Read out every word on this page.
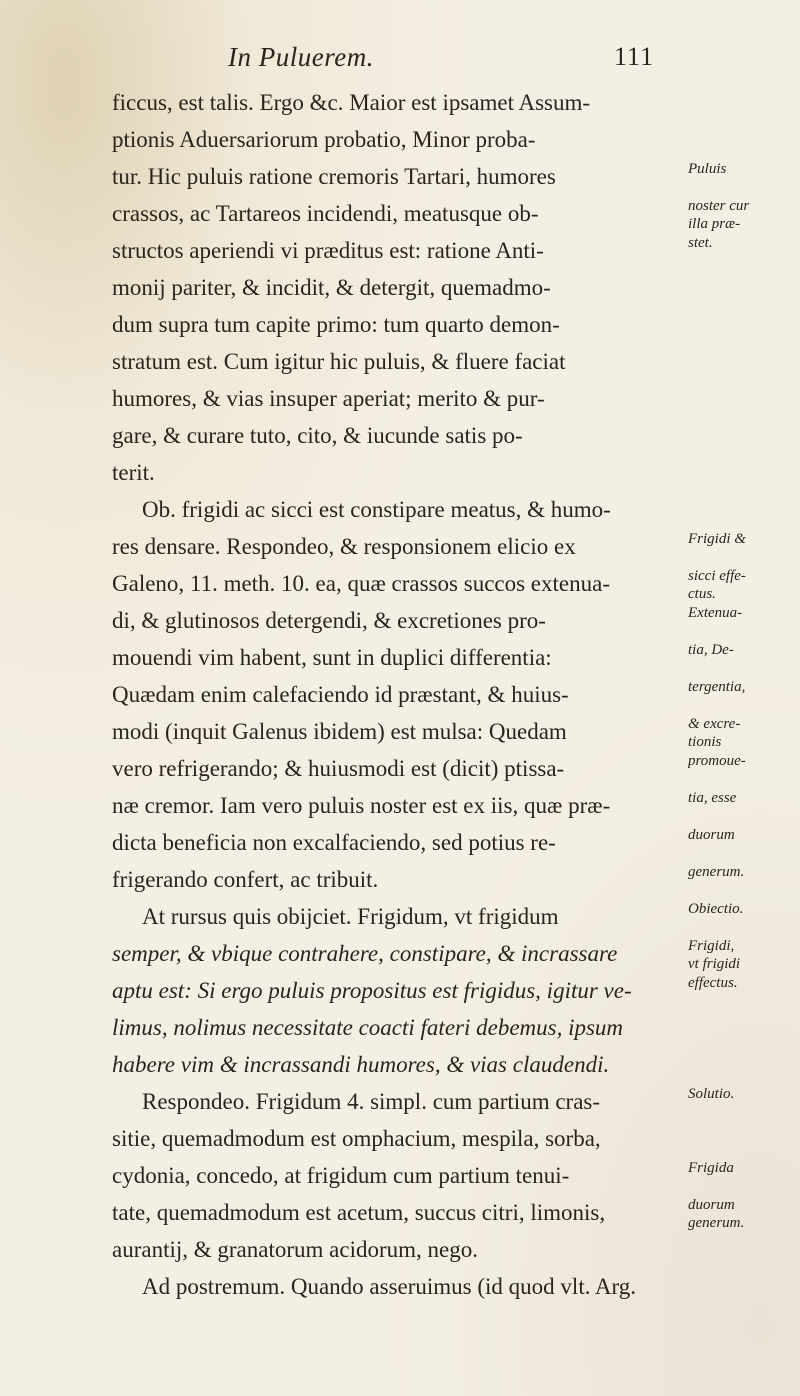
In Puluerem.	111
ficcus, est talis. Ergo &c. Maior est ipsamet Assum-
ptionis Aduersariorum probatio, Minor proba-
tur. Hic puluis ratione cremoris Tartari, humores
crassos, ac Tartareos incidendi, meatusque ob-
structos aperiendi vi præditus est: ratione Anti-
monij pariter, & incidit, & detergit, quemadmo-
dum supra tum capite primo: tum quarto demon-
stratum est. Cum igitur hic puluis, & fluere faciat
humores, & vias insuper aperiat; merito & pur-
gare, & curare tuto, cito, & iucunde satis po-
terit.
Ob. frigidi ac sicci est constipare meatus, & humo-
res densare. Respondeo, & responsionem elicio ex
Galeno, 11. meth. 10. ea, quæ crassos succos extenua-
di, & glutinosos detergendi, & excretiones pro-
mouendi vim habent, sunt in duplici differentia:
Quædam enim calefaciendo id præstant, & huius-
modi (inquit Galenus ibidem) est mulsa: Quedam
vero refrigerando; & huiusmodi est (dicit) ptissa-
næ cremor. Iam vero puluis noster est ex iis, quæ præ-
dicta beneficia non excalfaciendo, sed potius re-
frigerando confert, ac tribuit.
At rursus quis obijciet. Frigidum, vt frigidum
semper, & vbique contrahere, constipare, & incrassare
aptu est: Si ergo puluis propositus est frigidus, igitur ve-
limus, nolimus necessitate coacti fateri debemus, ipsum
habere vim & incrassandi humores, & vias claudendi.
Respondeo. Frigidum 4. simpl. cum partium cras-
sitie, quemadmodum est omphacium, mespila, sorba,
cydonia, concedo, at frigidum cum partium tenui-
tate, quemadmodum est acetum, succus citri, limonis,
aurantij, & granatorum acidorum, nego.
Ad postremum. Quando asseruimus (id quod vlt. Arg.
Puluis
noster cur
illa præ-
stet.
Frigidi &
sicci effe-
ctus.
Extenua-
tia, De-
tergentia,
& excre-
tionis
promoue-
tia, esse
duorum
generum.
Obiectio.
Frigidi,
vt frigidi
effectus.
Solutio.
Frigida
duorum
generum.
